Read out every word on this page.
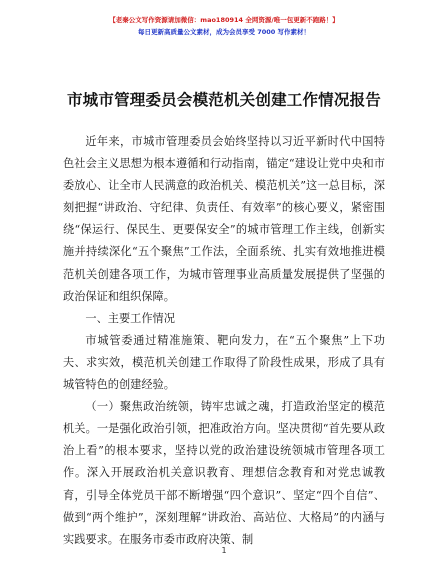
【老秦公文写作资源请加微信：mao180914 全网资源/唯一包更新不跑路！】
每日更新高质量公文素材，成为会员享受 7000 写作素材！
市城市管理委员会模范机关创建工作情况报告

近年来，市城市管理委员会始终坚持以习近平新时代中国特色社会主义思想为根本遵循和行动指南，锚定“建设让党中央和市委放心、让全市人民满意的政治机关、模范机关”这一总目标，深刻把握“讲政治、守纪律、负责任、有效率”的核心要义，紧密围绕“保运行、保民生、更要保安全”的城市管理工作主线，创新实施并持续深化“五个聚焦”工作法，全面系统、扎实有效地推进模范机关创建各项工作，为城市管理事业高质量发展提供了坚强的政治保证和组织保障。

一、主要工作情况

市城管委通过精准施策、靶向发力，在“五个聚焦”上下功夫、求实效，模范机关创建工作取得了阶段性成果，形成了具有城管特色的创建经验。

（一）聚焦政治统领，铸牢忠诚之魂，打造政治坚定的模范机关。一是强化政治引领，把准政治方向。坚决贯彻“首先要从政治上看”的根本要求，坚持以党的政治建设统领城市管理各项工作。深入开展政治机关意识教育、理想信念教育和对党忠诚教育，引导全体党员干部不断增强“四个意识”、坚定“四个自信”、做到“两个维护”，深刻理解“讲政治、高站位、大格局”的内涵与实践要求。在服务市委市政府决策、制

1
